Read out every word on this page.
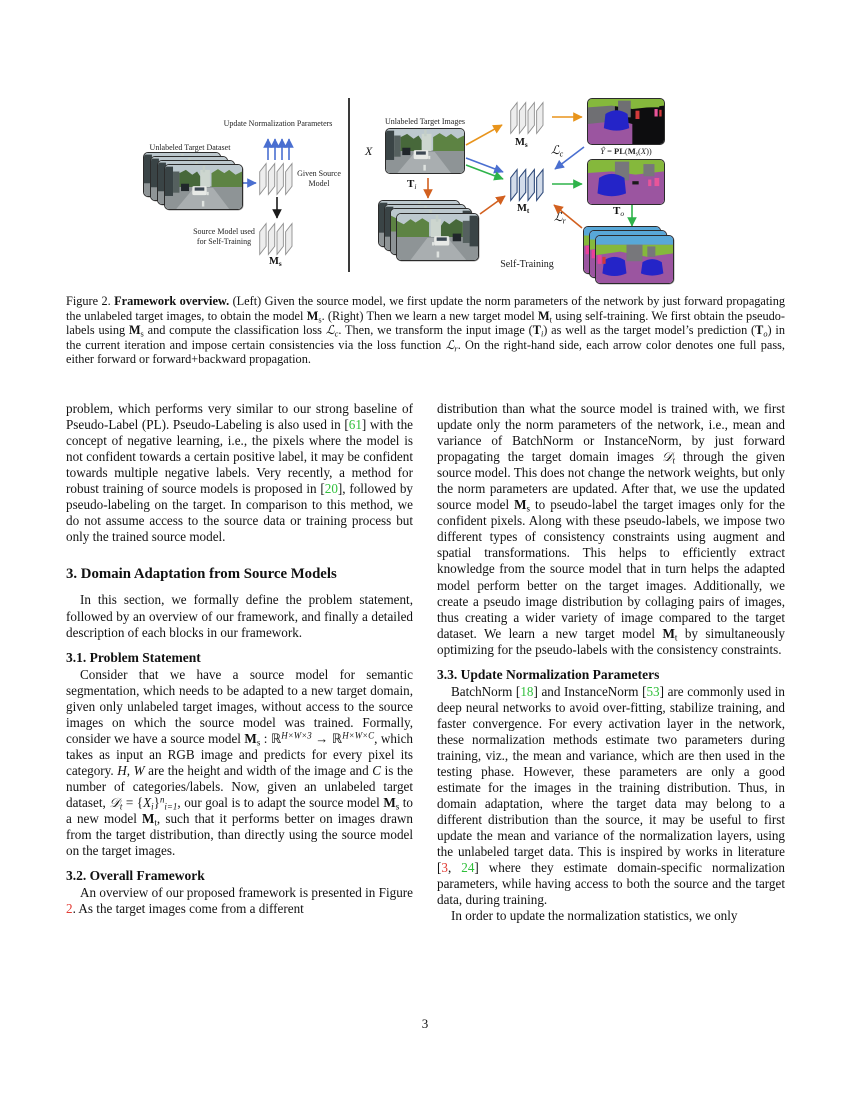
Update Normalization Parameters
Unlabeled Target Dataset
Given Source Model
$M_s$
Source Model used for Self-Training
Unlabeled Target Images
X
$T_i$
$M_s$ ℒ$_c$	Ŷ = $PL(M_s(X))$
$M_t$	$T_o$
ℒ$_r$
Self-Training

Figure 2. Framework overview. (Left) Given the source model, we first update the norm parameters of the network by just forward propagating the unlabeled target images, to obtain the model $M_s$. (Right) Then we learn a new target model $M_t$ using self-training. We first obtain the pseudo-labels using $M_s$ and compute the classification loss ℒ$_c$. Then, we transform the input image $(T_i)$ as well as the target model’s prediction $(T_o)$ in the current iteration and impose certain consistencies via the loss function ℒ$_r$. On the right-hand side, each arrow color denotes one full pass, either forward or forward+backward propagation.

problem, which performs very similar to our strong baseline of Pseudo-Label (PL). Pseudo-Labeling is also used in [61] with the concept of negative learning, i.e., the pixels where the model is not confident towards a certain positive label, it may be confident towards multiple negative labels. Very recently, a method for robust training of source models is proposed in [20], followed by pseudo-labeling on the target. In comparison to this method, we do not assume access to the source data or training process but only the trained source model.

3. Domain Adaptation from Source Models

In this section, we formally define the problem statement, followed by an overview of our framework, and finally a detailed description of each blocks in our framework.

3.1. Problem Statement

Consider that we have a source model for semantic segmentation, which needs to be adapted to a new target domain, given only unlabeled target images, without access to the source images on which the source model was trained. Formally, consider we have a source model $M_s$ : ℝ$^{H\times W\times 3}$ → ℝ$^{H\times W\times C}$, which takes as input an RGB image and predicts for every pixel its category. H, W are the height and width of the image and C is the number of categories/labels. Now, given an unlabeled target dataset, 𝒟$_t$ = $\{X_i\}^n_{i=1}$, our goal is to adapt the source model $M_s$ to a new model $M_t$, such that it performs better on images drawn from the target distribution, than directly using the source model on the target images.

3.2. Overall Framework

An overview of our proposed framework is presented in Figure 2. As the target images come from a different

distribution than what the source model is trained with, we first update only the norm parameters of the network, i.e., mean and variance of BatchNorm or InstanceNorm, by just forward propagating the target domain images 𝒟$_t$ through the given source model. This does not change the network weights, but only the norm parameters are updated. After that, we use the updated source model $M_s$ to pseudo-label the target images only for the confident pixels. Along with these pseudo-labels, we impose two different types of consistency constraints using augment and spatial transformations. This helps to efficiently extract knowledge from the source model that in turn helps the adapted model perform better on the target images. Additionally, we create a pseudo image distribution by collaging pairs of images, thus creating a wider variety of image compared to the target dataset. We learn a new target model $M_t$ by simultaneously optimizing for the pseudo-labels with the consistency constraints.

3.3. Update Normalization Parameters

BatchNorm [18] and InstanceNorm [53] are commonly used in deep neural networks to avoid over-fitting, stabilize training, and faster convergence. For every activation layer in the network, these normalization methods estimate two parameters during training, viz., the mean and variance, which are then used in the testing phase. However, these parameters are only a good estimate for the images in the training distribution. Thus, in domain adaptation, where the target data may belong to a different distribution than the source, it may be useful to first update the mean and variance of the normalization layers, using the unlabeled target data. This is inspired by works in literature [3, 24] where they estimate domain-specific normalization parameters, while having access to both the source and the target data, during training.

In order to update the normalization statistics, we only

3
